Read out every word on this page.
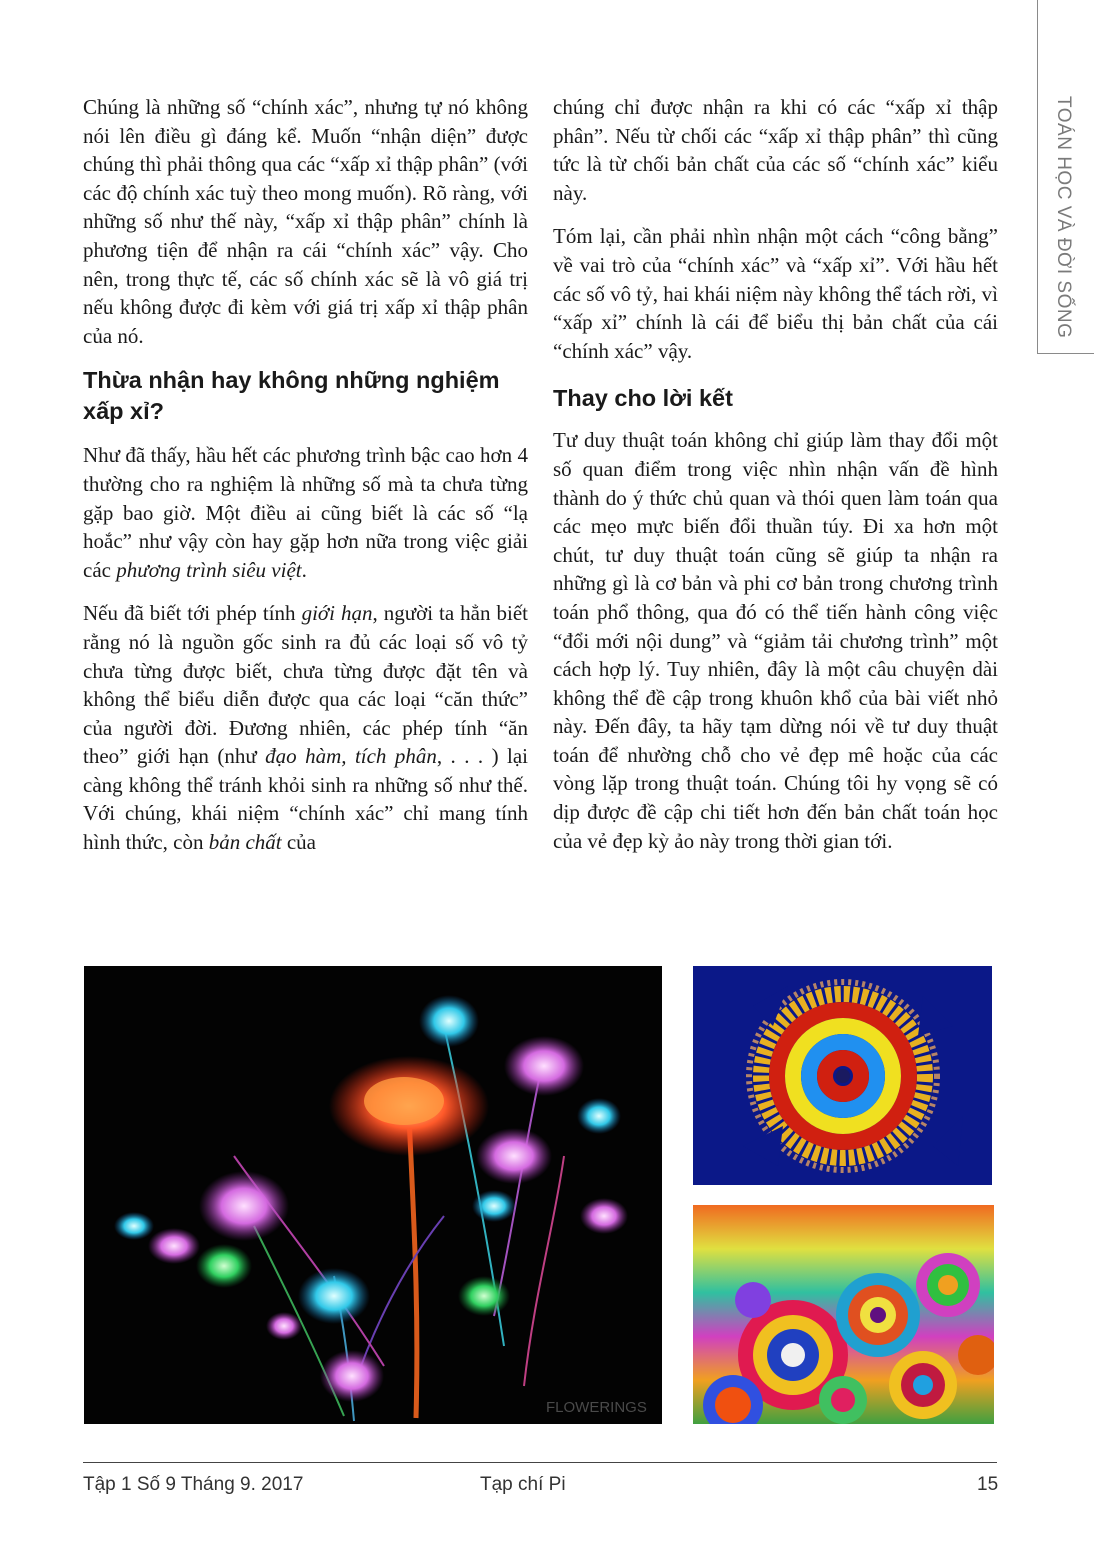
TOÁN HỌC VÀ ĐỜI SỐNG

Chúng là những số “chính xác”, nhưng tự nó không nói lên điều gì đáng kể. Muốn “nhận diện” được chúng thì phải thông qua các “xấp xỉ thập phân” (với các độ chính xác tuỳ theo mong muốn). Rõ ràng, với những số như thế này, “xấp xỉ thập phân” chính là phương tiện để nhận ra cái “chính xác” vậy. Cho nên, trong thực tế, các số chính xác sẽ là vô giá trị nếu không được đi kèm với giá trị xấp xỉ thập phân của nó.

Thừa nhận hay không những nghiệm xấp xỉ?

Như đã thấy, hầu hết các phương trình bậc cao hơn 4 thường cho ra nghiệm là những số mà ta chưa từng gặp bao giờ. Một điều ai cũng biết là các số “lạ hoắc” như vậy còn hay gặp hơn nữa trong việc giải các phương trình siêu việt.

Nếu đã biết tới phép tính giới hạn, người ta hẳn biết rằng nó là nguồn gốc sinh ra đủ các loại số vô tỷ chưa từng được biết, chưa từng được đặt tên và không thể biểu diễn được qua các loại “căn thức” của người đời. Đương nhiên, các phép tính “ăn theo” giới hạn (như đạo hàm, tích phân, . . . ) lại càng không thể tránh khỏi sinh ra những số như thế. Với chúng, khái niệm “chính xác” chỉ mang tính hình thức, còn bản chất của

chúng chỉ được nhận ra khi có các “xấp xỉ thập phân”. Nếu từ chối các “xấp xỉ thập phân” thì cũng tức là từ chối bản chất của các số “chính xác” kiểu này.

Tóm lại, cần phải nhìn nhận một cách “công bằng” về vai trò của “chính xác” và “xấp xỉ”. Với hầu hết các số vô tỷ, hai khái niệm này không thể tách rời, vì “xấp xỉ” chính là cái để biểu thị bản chất của cái “chính xác” vậy.

Thay cho lời kết

Tư duy thuật toán không chỉ giúp làm thay đổi một số quan điểm trong việc nhìn nhận vấn đề hình thành do ý thức chủ quan và thói quen làm toán qua các mẹo mực biến đổi thuần túy. Đi xa hơn một chút, tư duy thuật toán cũng sẽ giúp ta nhận ra những gì là cơ bản và phi cơ bản trong chương trình toán phổ thông, qua đó có thể tiến hành công việc “đổi mới nội dung” và “giảm tải chương trình” một cách hợp lý. Tuy nhiên, đây là một câu chuyện dài không thể đề cập trong khuôn khổ của bài viết nhỏ này. Đến đây, ta hãy tạm dừng nói về tư duy thuật toán để nhường chỗ cho vẻ đẹp mê hoặc của các vòng lặp trong thuật toán. Chúng tôi hy vọng sẽ có dịp được đề cập chi tiết hơn đến bản chất toán học của vẻ đẹp kỳ ảo này trong thời gian tới.

FLOWERINGS
Tập 1 Số 9 Tháng 9. 2017	Tạp chí Pi	15
